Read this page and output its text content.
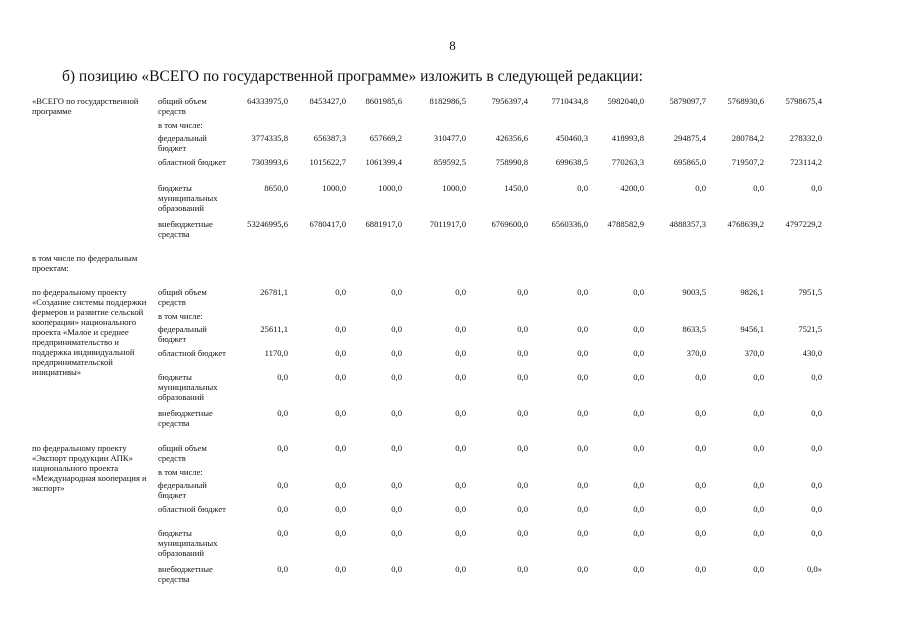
8
б) позицию «ВСЕГО по государственной программе» изложить в следующей редакции:
«ВСЕГО по государственной программе
общий объем средств
64333975,0 8453427,0 8601985,6	8182986,5	7956397,4	7710434,8 5982040,0	5879097,7 5768930,6 5798675,4
в том числе:
федеральный бюджет
3774335,8	656387,3	657669,2	310477,0	426356,6	450460,3	418993,8	294875,4	280784,2	278332,0
областной бюджет	7303993,6 1015622,7 1061399,4	859592,5	758990,8	699638,5	770263,3	695865,0	719507,2	723114,2
бюджеты муниципальных образований
8650,0	1000,0	1000,0	1000,0	1450,0	0,0	4200,0	0,0	0,0	0,0
внебюджетные средства
53246995,6 6780417,0 6881917,0	7011917,0	6769600,0	6560336,0 4788582,9	4888357,3 4768639,2 4797229,2
в том числе по федеральным проектам:
по федеральному проекту «Создание системы поддержки фермеров и развитие сельской кооперации» национального проекта «Малое и среднее предпринимательство и поддержка индивидуальной предпринимательской инициативы»
общий объем средств
26781,1	0,0	0,0	0,0	0,0	0,0	0,0	9003,5	9826,1	7951,5
в том числе:
федеральный бюджет
25611,1	0,0	0,0	0,0	0,0	0,0	0,0	8633,5	9456,1	7521,5
областной бюджет	1170,0	0,0	0,0	0,0	0,0	0,0	0,0	370,0	370,0	430,0
бюджеты муниципальных образований
0,0	0,0	0,0	0,0	0,0	0,0	0,0	0,0	0,0	0,0
внебюджетные средства
0,0	0,0	0,0	0,0	0,0	0,0	0,0	0,0	0,0	0,0
по федеральному проекту «Экспорт продукции АПК» национального проекта «Международная кооперация и экспорт»
общий объем средств
0,0	0,0	0,0	0,0	0,0	0,0	0,0	0,0	0,0	0,0
в том числе:
федеральный бюджет
0,0	0,0	0,0	0,0	0,0	0,0	0,0	0,0	0,0	0,0
областной бюджет	0,0	0,0	0,0	0,0	0,0	0,0	0,0	0,0	0,0	0,0
бюджеты муниципальных образований
0,0	0,0	0,0	0,0	0,0	0,0	0,0	0,0	0,0	0,0
внебюджетные средства
0,0	0,0	0,0	0,0	0,0	0,0	0,0	0,0	0,0	0,0»
